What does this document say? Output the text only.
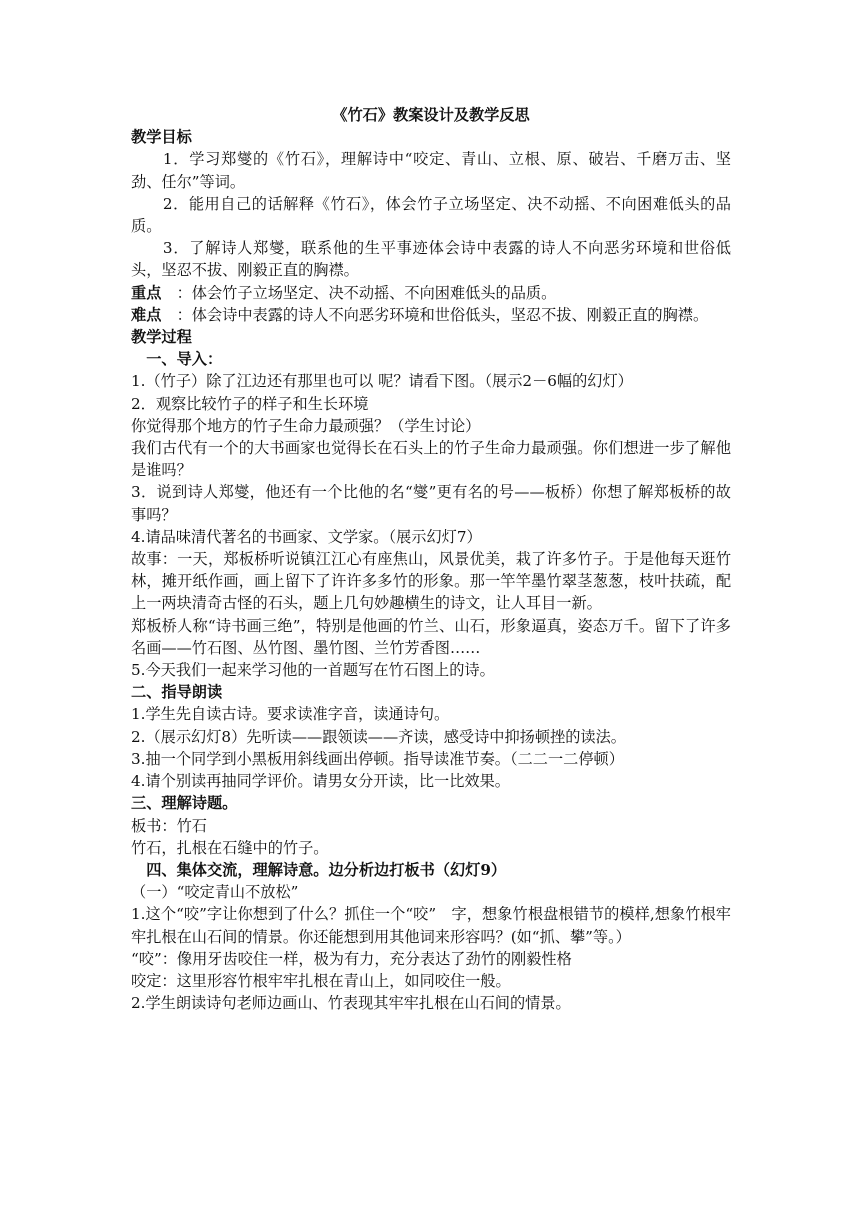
《竹石》教案设计及教学反思

教学目标

1．学习郑燮的《竹石》，理解诗中“咬定、青山、立根、原、破岩、千磨万击、坚劲、任尔”等词。

2．能用自己的话解释《竹石》，体会竹子立场坚定、决不动摇、不向困难低头的品质。

3．了解诗人郑燮，联系他的生平事迹体会诗中表露的诗人不向恶劣环境和世俗低头，坚忍不拔、刚毅正直的胸襟。

重点　：体会竹子立场坚定、决不动摇、不向困难低头的品质。

难点　：体会诗中表露的诗人不向恶劣环境和世俗低头，坚忍不拔、刚毅正直的胸襟。

教学过程

一、导入：

1.（竹子）除了江边还有那里也可以 呢？请看下图。（展示2－6幅的幻灯）

2．观察比较竹子的样子和生长环境

你觉得那个地方的竹子生命力最顽强？（学生讨论）

我们古代有一个的大书画家也觉得长在石头上的竹子生命力最顽强。你们想进一步了解他是谁吗？

3．说到诗人郑燮，他还有一个比他的名“燮”更有名的号——板桥）你想了解郑板桥的故事吗？

4.请品味清代著名的书画家、文学家。（展示幻灯7）

故事：一天，郑板桥听说镇江江心有座焦山，风景优美，栽了许多竹子。于是他每天逛竹林，摊开纸作画，画上留下了许许多多竹的形象。那一竿竿墨竹翠茎葱葱，枝叶扶疏，配上一两块清奇古怪的石头，题上几句妙趣横生的诗文，让人耳目一新。

郑板桥人称“诗书画三绝”，特别是他画的竹兰、山石，形象逼真，姿态万千。留下了许多名画——竹石图、丛竹图、墨竹图、兰竹芳香图……

5.今天我们一起来学习他的一首题写在竹石图上的诗。

二、指导朗读

1.学生先自读古诗。要求读准字音，读通诗句。

2.（展示幻灯8）先听读——跟领读——齐读，感受诗中抑扬顿挫的读法。

3.抽一个同学到小黑板用斜线画出停顿。指导读准节奏。（二二一二停顿）

4.请个别读再抽同学评价。请男女分开读，比一比效果。

三、理解诗题。

板书：竹石

竹石，扎根在石缝中的竹子。

四、集体交流，理解诗意。边分析边打板书（幻灯9）

（一）“咬定青山不放松”

1.这个“咬”字让你想到了什么？抓住一个“咬”　字，想象竹根盘根错节的模样,想象竹根牢牢扎根在山石间的情景。你还能想到用其他词来形容吗？(如“抓、攀”等。）

“咬”：像用牙齿咬住一样，极为有力，充分表达了劲竹的刚毅性格

咬定：这里形容竹根牢牢扎根在青山上，如同咬住一般。

2.学生朗读诗句老师边画山、竹表现其牢牢扎根在山石间的情景。
